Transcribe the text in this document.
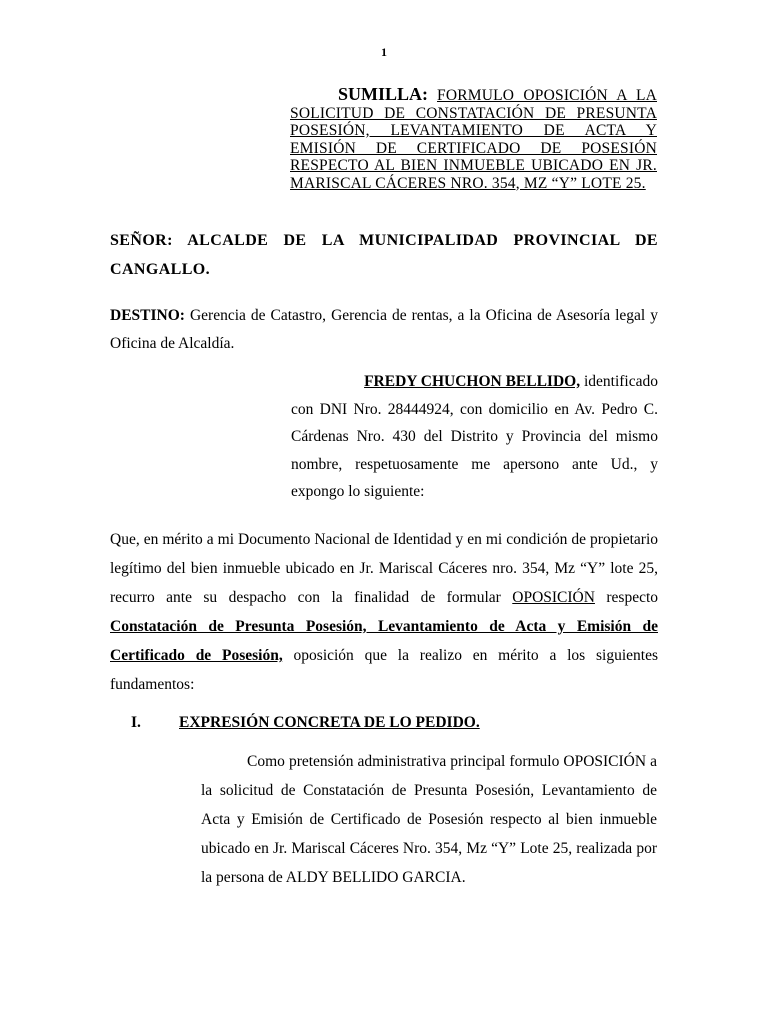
1
SUMILLA: FORMULO OPOSICIÓN A LA SOLICITUD DE CONSTATACIÓN DE PRESUNTA POSESIÓN, LEVANTAMIENTO DE ACTA Y EMISIÓN DE CERTIFICADO DE POSESIÓN RESPECTO AL BIEN INMUEBLE UBICADO EN JR. MARISCAL CÁCERES NRO. 354, MZ “Y” LOTE 25.
SEÑOR: ALCALDE DE LA MUNICIPALIDAD PROVINCIAL DE CANGALLO.
DESTINO: Gerencia de Catastro, Gerencia de rentas, a la Oficina de Asesoría legal y Oficina de Alcaldía.
FREDY CHUCHON BELLIDO, identificado
con DNI Nro. 28444924, con domicilio en Av. Pedro C. Cárdenas Nro. 430 del Distrito y Provincia del mismo nombre, respetuosamente me apersono ante Ud., y expongo lo siguiente:
Que, en mérito a mi Documento Nacional de Identidad y en mi condición de propietario legítimo del bien inmueble ubicado en Jr. Mariscal Cáceres nro. 354, Mz “Y” lote 25, recurro ante su despacho con la finalidad de formular OPOSICIÓN respecto Constatación de Presunta Posesión, Levantamiento de Acta y Emisión de Certificado de Posesión, oposición que la realizo en mérito a los siguientes fundamentos:
I. EXPRESIÓN CONCRETA DE LO PEDIDO.
Como pretensión administrativa principal formulo OPOSICIÓN a la solicitud de Constatación de Presunta Posesión, Levantamiento de Acta y Emisión de Certificado de Posesión respecto al bien inmueble ubicado en Jr. Mariscal Cáceres Nro. 354, Mz “Y” Lote 25, realizada por la persona de ALDY BELLIDO GARCIA.
